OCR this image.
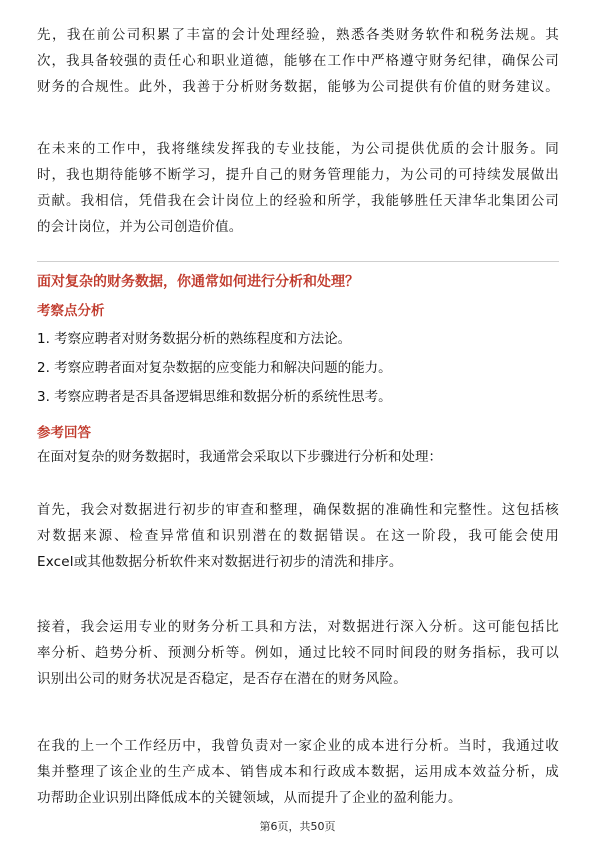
先，我在前公司积累了丰富的会计处理经验，熟悉各类财务软件和税务法规。其
次，我具备较强的责任心和职业道德，能够在工作中严格遵守财务纪律，确保公司
财务的合规性。此外，我善于分析财务数据，能够为公司提供有价值的财务建议。
在未来的工作中，我将继续发挥我的专业技能，为公司提供优质的会计服务。同
时，我也期待能够不断学习，提升自己的财务管理能力，为公司的可持续发展做出
贡献。我相信，凭借我在会计岗位上的经验和所学，我能够胜任天津华北集团公司
的会计岗位，并为公司创造价值。
面对复杂的财务数据，你通常如何进行分析和处理？
考察点分析
1. 考察应聘者对财务数据分析的熟练程度和方法论。
2. 考察应聘者面对复杂数据的应变能力和解决问题的能力。
3. 考察应聘者是否具备逻辑思维和数据分析的系统性思考。
参考回答
在面对复杂的财务数据时，我通常会采取以下步骤进行分析和处理：
首先，我会对数据进行初步的审查和整理，确保数据的准确性和完整性。这包括核
对数据来源、检查异常值和识别潜在的数据错误。在这一阶段，我可能会使用
Excel或其他数据分析软件来对数据进行初步的清洗和排序。
接着，我会运用专业的财务分析工具和方法，对数据进行深入分析。这可能包括比
率分析、趋势分析、预测分析等。例如，通过比较不同时间段的财务指标，我可以
识别出公司的财务状况是否稳定，是否存在潜在的财务风险。
在我的上一个工作经历中，我曾负责对一家企业的成本进行分析。当时，我通过收
集并整理了该企业的生产成本、销售成本和行政成本数据，运用成本效益分析，成
功帮助企业识别出降低成本的关键领域，从而提升了企业的盈利能力。
第6页，共50页
